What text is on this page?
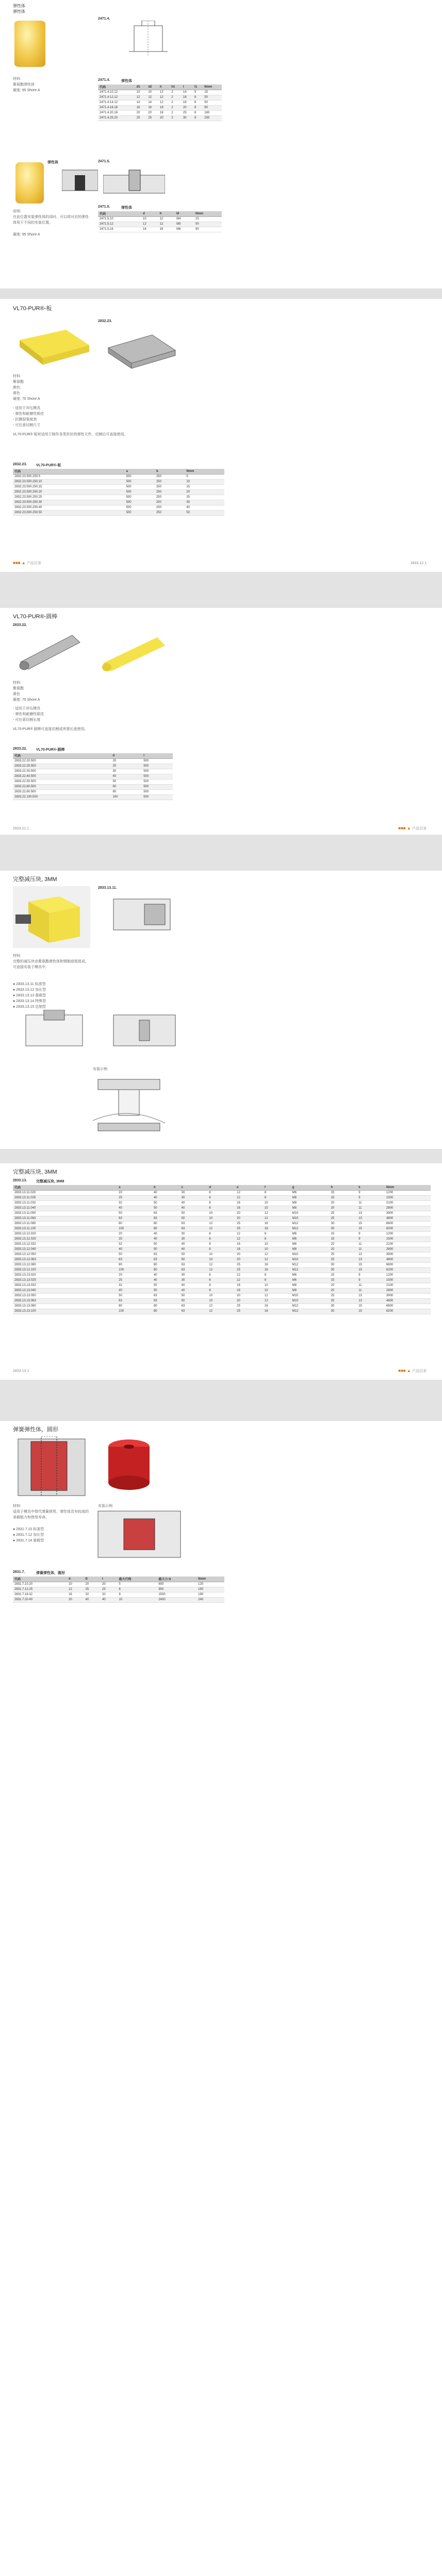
弹性体
弹性体
材料:
聚氨酯弹性体
硬度: 95 Shore A
2471.4.
2471.4.	弹性体
代码	d1	d2	h	h1	l	l1	Nmm
2471.4.10.12	10	10	12	2	14	5	15
2471.4.12.12	12	12	12	2	18	6	50
2471.4.14.12	14	14	12	2	18	6	50
2471.4.16.16	16	16	16	2	20	6	90
2471.4.20.16	20	20	16	2	25	8	160
2471.4.25.20	25	25	20	2	30	8	250
弹性体	2471.5.
说明:
在此位置安装弹性体的同时，可以将对应的弹性体用于不同的安装位置。
硬度: 95 Shore A
2471.5.	弹性体
代码	d	h	M	Nmm
2471.5.10	10	12	M4	15
2471.5.12	12	12	M5	50
2471.5.16	16	16	M6	90
VL70-PUR®-板
2832.23.
材料:
聚氨酯
颜色:
黄色
硬度: 70 Shore A
- 适用于冲压模具
- 弹性和耐磨性极佳
- 抗撕裂强度高
- 可任意切割尺寸
VL70-PUR® 板材适用于制作各类形状的弹性元件，切割后可直接使用。
2832.23.	VL70-PUR®-板
代码	a	b	Nmm
2832.23.500.250.5	500	250	5
2832.23.500.250.10	500	250	10
2832.23.500.250.15	500	250	15
2832.23.500.250.20	500	250	20
2832.23.500.250.25	500	250	25
2832.23.500.250.30	500	250	30
2832.23.500.250.40	500	250	40
2832.23.500.250.50	500	250	50
■■■ ▲ 产品目录	2833.12.1
VL70-PUR®-圆棒
2833.22.
材料:
聚氨酯
黄色
硬度: 70 Shore A
- 适用于冲压模具
- 弹性和耐磨性极佳
- 可任意切割长度
VL70-PUR® 圆棒可直接切割成所需长度使用。
2833.22.	VL70-PUR®-圆棒
代码	d	l
2833.22.20.500	20	500
2833.22.25.500	25	500
2833.22.30.500	30	500
2833.22.40.500	40	500
2833.22.50.500	50	500
2833.22.60.500	60	500
2833.22.80.500	80	500
2833.22.100.500	100	500
2833.21.1	■■■ ▲ 产品目录
完整减压块, 3MM
2833.13.11.
材料:
完整的减压块由聚氨酯弹性体和钢制底板组成，可直接安装于模具中。
● 2833.13.11 标准型
● 2833.13.12 加长型
● 2833.13.13 重载型
● 2833.13.14 特殊型
● 2833.13.15 定制型
安装示例
完整减压块, 3MM
2833.13.	完整减压块, 3MM
代码	a	b	c	d	e	f	g	h	k	Nmm
2833.13.11.020	20	40	30	6	12	8	M6	15	9	1200
2833.13.11.025	25	40	30	6	12	8	M6	15	9	1500
2833.13.11.032	32	50	40	8	16	10	M8	20	11	2100
2833.13.11.040	40	50	40	8	16	10	M8	20	11	2800
2833.13.11.050	50	63	50	10	20	12	M10	25	13	3900
2833.13.11.063	63	63	50	10	20	12	M10	25	13	4800
2833.13.11.080	80	80	63	12	25	16	M12	30	15	6600
2833.13.11.100	100	80	63	12	25	16	M12	30	15	8200
2833.13.12.020	20	40	30	6	12	8	M6	15	9	1200
2833.13.12.025	25	40	30	6	12	8	M6	15	9	1500
2833.13.12.032	32	50	40	8	16	10	M8	20	11	2100
2833.13.12.040	40	50	40	8	16	10	M8	20	11	2800
2833.13.12.050	50	63	50	10	20	12	M10	25	13	3900
2833.13.12.063	63	63	50	10	20	12	M10	25	13	4800
2833.13.12.080	80	80	63	12	25	16	M12	30	15	6600
2833.13.12.100	100	80	63	12	25	16	M12	30	15	8200
2833.13.13.020	20	40	30	6	12	8	M6	15	9	1200
2833.13.13.025	25	40	30	6	12	8	M6	15	9	1500
2833.13.13.032	32	50	40	8	16	10	M8	20	11	2100
2833.13.13.040	40	50	40	8	16	10	M8	20	11	2800
2833.13.13.050	50	63	50	10	20	12	M10	25	13	3900
2833.13.13.063	63	63	50	10	20	12	M10	25	13	4800
2833.13.13.080	80	80	63	12	25	16	M12	30	15	6600
2833.13.13.100	100	80	63	12	25	16	M12	30	15	8200
2833.13.1	■■■ ▲ 产品目录
弹簧弹性体，圆形
材料:
适用于模具中替代弹簧使用，弹性体具有较高的承载能力和使用寿命。
● 2831.7.10 标准型
● 2831.7.12 加长型
● 2831.7.14 重载型
安装示例
2831.7.	弹簧弹性体，圆形
代码	d	D	l	最大行程	最大力 N	Nmm
2831.7.10.20	10	20	20	5	600	120
2831.7.12.25	12	25	25	6	900	150
2831.7.16.32	16	32	32	8	1500	190
2831.7.20.40	20	40	40	10	2400	240
